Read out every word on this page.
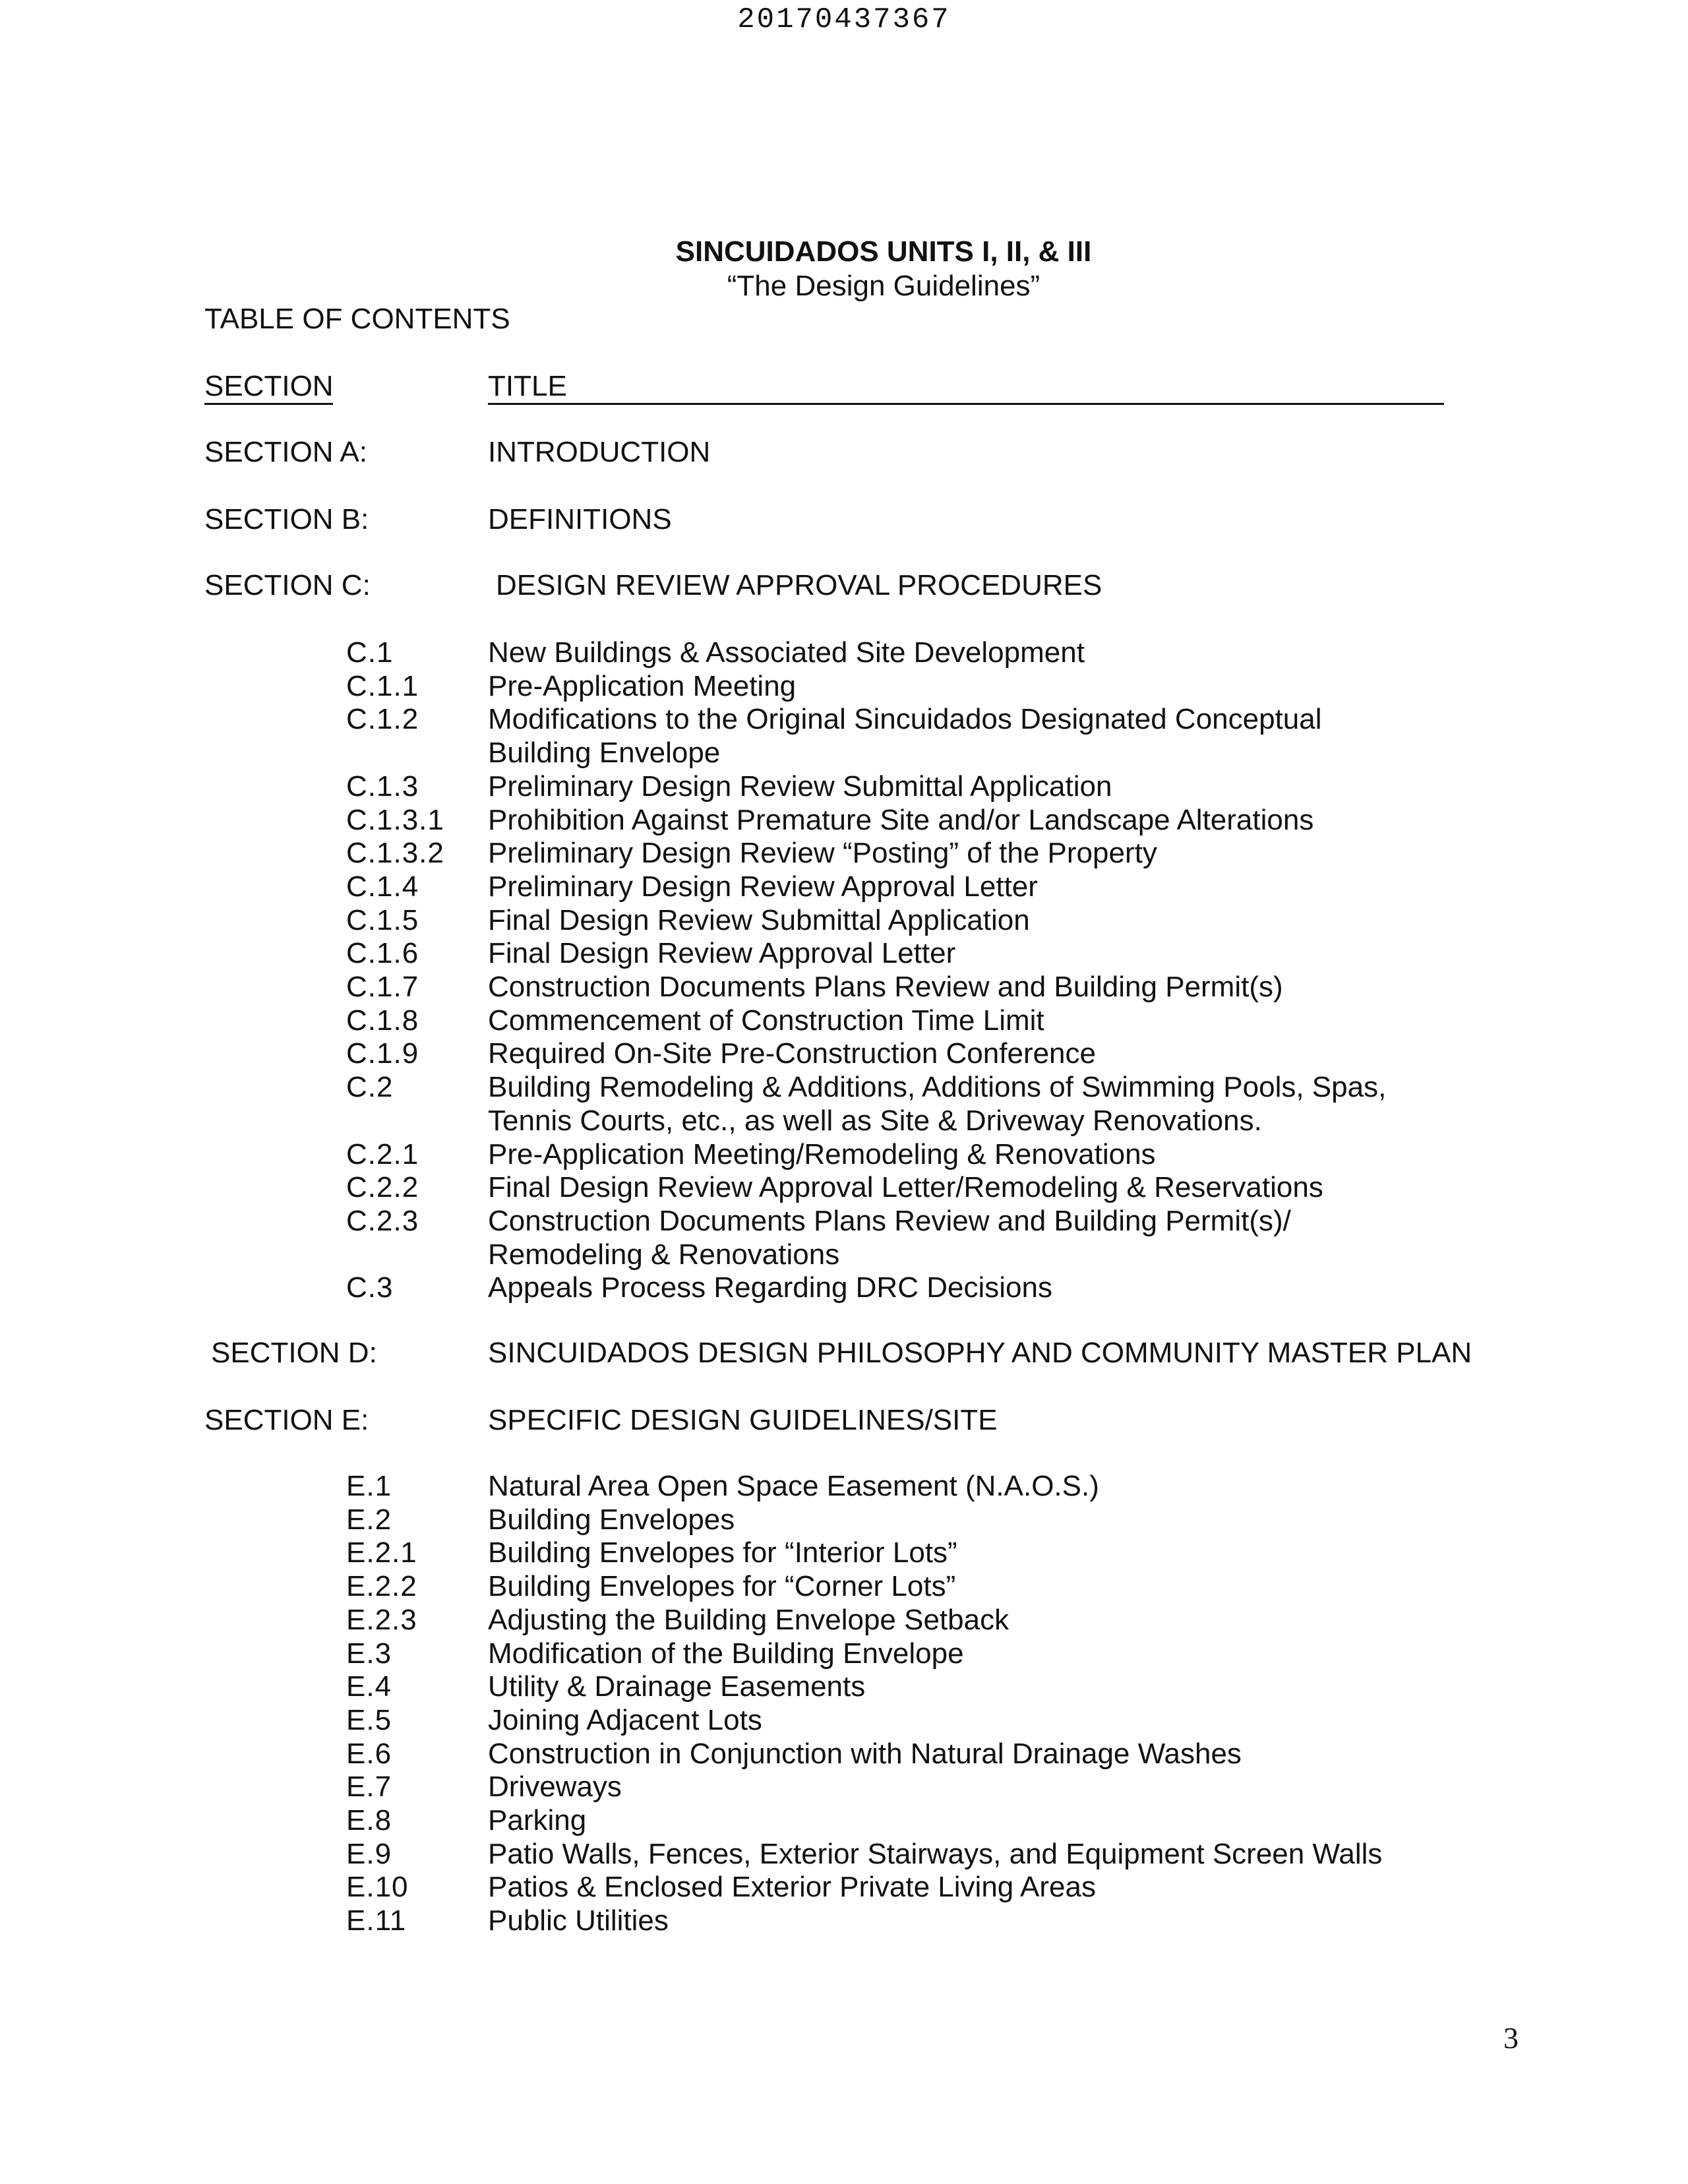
20170437367
SINCUIDADOS UNITS I, II, & III
“The Design Guidelines”
TABLE OF CONTENTS
SECTION	TITLE
SECTION A:	INTRODUCTION
SECTION B:	DEFINITIONS
SECTION C:	DESIGN REVIEW APPROVAL PROCEDURES
C.1	New Buildings & Associated Site Development
C.1.1 Pre-Application Meeting
C.1.2 Modifications to the Original Sincuidados Designated Conceptual
Building Envelope
C.1.3 Preliminary Design Review Submittal Application
C.1.3.1 Prohibition Against Premature Site and/or Landscape Alterations
C.1.3.2 Preliminary Design Review “Posting” of the Property
C.1.4 Preliminary Design Review Approval Letter
C.1.5 Final Design Review Submittal Application
C.1.6 Final Design Review Approval Letter
C.1.7 Construction Documents Plans Review and Building Permit(s)
C.1.8 Commencement of Construction Time Limit
C.1.9 Required On-Site Pre-Construction Conference
C.2	Building Remodeling & Additions, Additions of Swimming Pools, Spas,
Tennis Courts, etc., as well as Site & Driveway Renovations.
C.2.1 Pre-Application Meeting/Remodeling & Renovations
C.2.2 Final Design Review Approval Letter/Remodeling & Reservations
C.2.3 Construction Documents Plans Review and Building Permit(s)/
Remodeling & Renovations
C.3	Appeals Process Regarding DRC Decisions
SECTION D:	SINCUIDADOS DESIGN PHILOSOPHY AND COMMUNITY MASTER PLAN
SECTION E:	SPECIFIC DESIGN GUIDELINES/SITE
E.1	Natural Area Open Space Easement (N.A.O.S.)
E.2	Building Envelopes
E.2.1 Building Envelopes for “Interior Lots”
E.2.2 Building Envelopes for “Corner Lots”
E.2.3 Adjusting the Building Envelope Setback
E.3	Modification of the Building Envelope
E.4	Utility & Drainage Easements
E.5	Joining Adjacent Lots
E.6	Construction in Conjunction with Natural Drainage Washes
E.7	Driveways
E.8	Parking
E.9	Patio Walls, Fences, Exterior Stairways, and Equipment Screen Walls
E.10	Patios & Enclosed Exterior Private Living Areas
E.11	Public Utilities
3
